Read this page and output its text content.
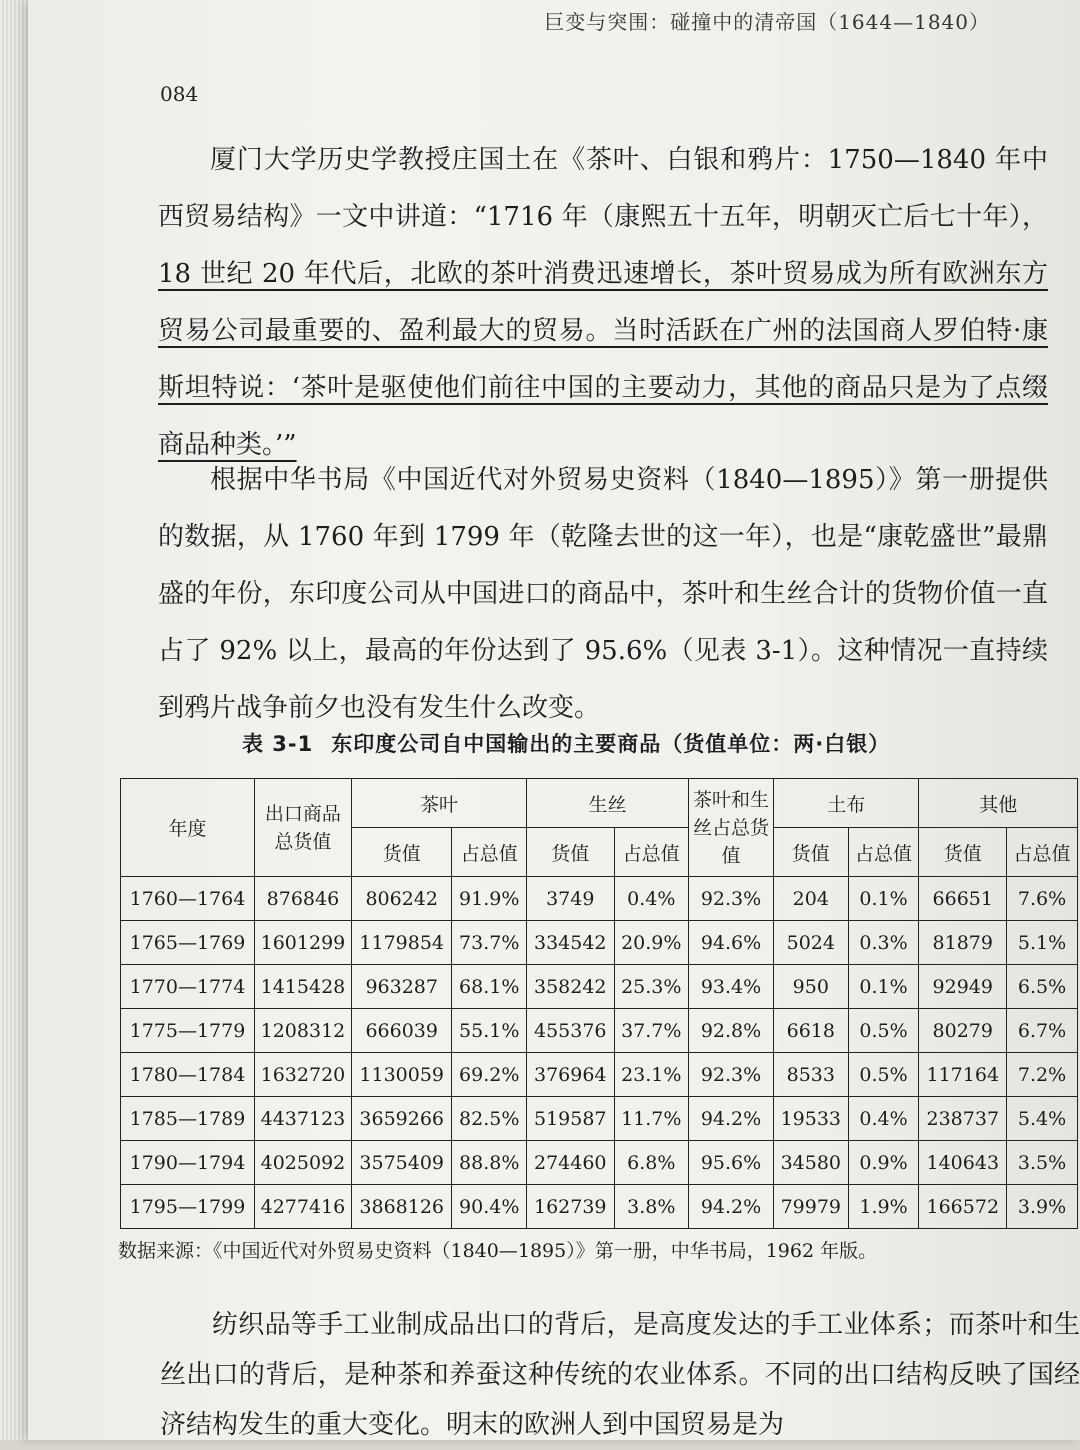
巨变与突围：碰撞中的清帝国（1644—1840）
084

厦门大学历史学教授庄国土在《茶叶、白银和鸦片：1750—1840 年中西贸易结构》一文中讲道：“1716 年（康熙五十五年，明朝灭亡后七十年），18 世纪 20 年代后，北欧的茶叶消费迅速增长，茶叶贸易成为所有欧洲东方贸易公司最重要的、盈利最大的贸易。当时活跃在广州的法国商人罗伯特·康斯坦特说：‘茶叶是驱使他们前往中国的主要动力，其他的商品只是为了点缀商品种类。’”

根据中华书局《中国近代对外贸易史资料（1840—1895）》第一册提供的数据，从 1760 年到 1799 年（乾隆去世的这一年），也是“康乾盛世”最鼎盛的年份，东印度公司从中国进口的商品中，茶叶和生丝合计的货物价值一直占了 92% 以上，最高的年份达到了 95.6%（见表 3-1）。这种情况一直持续到鸦片战争前夕也没有发生什么改变。

表 3-1 东印度公司自中国输出的主要商品（货值单位：两·白银）
年度	出口商品总货值	茶叶		生丝		茶叶和生丝占总货值	土布		其他	
		货值	占总值	货值	占总值		货值	占总值	货值	占总值
1760—1764	876846	806242	91.9%	3749	0.4%	92.3%	204	0.1%	66651	7.6%
1765—1769	1601299	1179854	73.7%	334542	20.9%	94.6%	5024	0.3%	81879	5.1%
1770—1774	1415428	963287	68.1%	358242	25.3%	93.4%	950	0.1%	92949	6.5%
1775—1779	1208312	666039	55.1%	455376	37.7%	92.8%	6618	0.5%	80279	6.7%
1780—1784	1632720	1130059	69.2%	376964	23.1%	92.3%	8533	0.5%	117164	7.2%
1785—1789	4437123	3659266	82.5%	519587	11.7%	94.2%	19533	0.4%	238737	5.4%
1790—1794	4025092	3575409	88.8%	274460	6.8%	95.6%	34580	0.9%	140643	3.5%
1795—1799	4277416	3868126	90.4%	162739	3.8%	94.2%	79979	1.9%	166572	3.9%
数据来源：《中国近代对外贸易史资料（1840—1895）》第一册，中华书局，1962 年版。

纺织品等手工业制成品出口的背后，是高度发达的手工业体系；而茶叶和生丝出口的背后，是种茶和养蚕这种传统的农业体系。不同的出口结构反映了国经济结构发生的重大变化。明末的欧洲人到中国贸易是为
